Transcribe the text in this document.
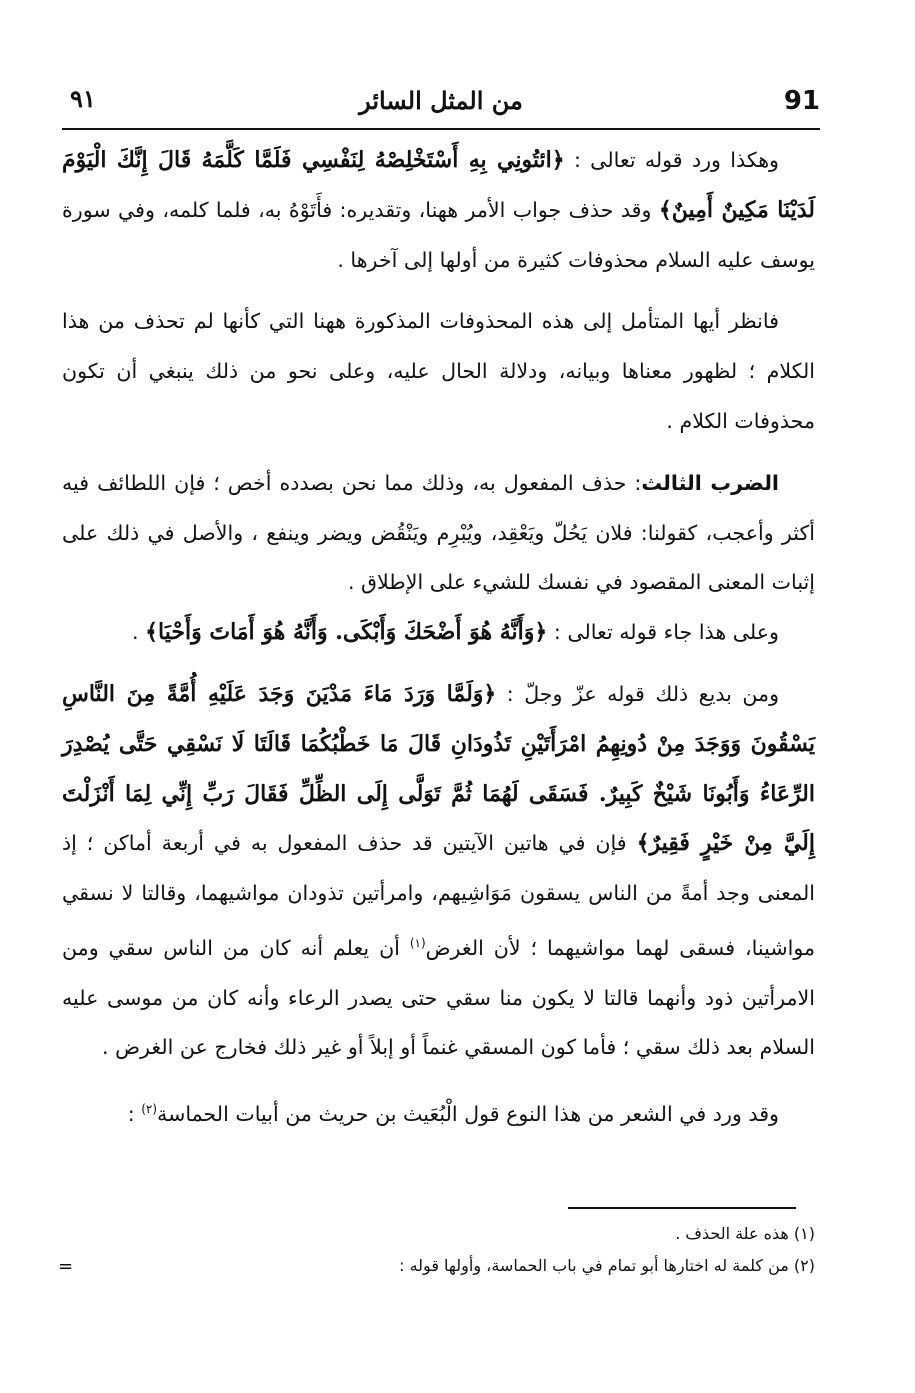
91
من المثل السائر
٩١

وهكذا ورد قوله تعالى : ﴿ائتُونِي بِهِ أَسْتَخْلِصْهُ لِنَفْسِي فَلَمَّا كَلَّمَهُ قَالَ إِنَّكَ الْيَوْمَ لَدَيْنَا مَكِينٌ أَمِينٌ﴾ وقد حذف جواب الأمر ههنا، وتقديره: فأَتَوْهُ به، فلما كلمه، وفي سورة يوسف عليه السلام محذوفات كثيرة من أولها إلى آخرها .

فانظر أيها المتأمل إلى هذه المحذوفات المذكورة ههنا التي كأنها لم تحذف من هذا الكلام ؛ لظهور معناها وبيانه، ودلالة الحال عليه، وعلى نحو من ذلك ينبغي أن تكون محذوفات الكلام .

الضرب الثالث: حذف المفعول به، وذلك مما نحن بصدده أخص ؛ فإن اللطائف فيه أكثر وأعجب، كقولنا: فلان يَحُلّ ويَعْقِد، ويُبْرِم ويَنْقُض ويضر وينفع ، والأصل في ذلك على إثبات المعنى المقصود في نفسك للشيء على الإطلاق .

وعلى هذا جاء قوله تعالى : ﴿وَأَنَّهُ هُوَ أَضْحَكَ وَأَبْكَى. وَأَنَّهُ هُوَ أَمَاتَ وَأَحْيَا﴾ .

ومن بديع ذلك قوله عزّ وجلّ : ﴿وَلَمَّا وَرَدَ مَاءَ مَدْيَنَ وَجَدَ عَلَيْهِ أُمَّةً مِنَ النَّاسِ يَسْقُونَ وَوَجَدَ مِنْ دُونِهِمُ امْرَأَتَيْنِ تَذُودَانِ قَالَ مَا خَطْبُكُمَا قَالَتَا لَا نَسْقِي حَتَّى يُصْدِرَ الرِّعَاءُ وَأَبُونَا شَيْخٌ كَبِيرٌ. فَسَقَى لَهُمَا ثُمَّ تَوَلَّى إِلَى الظِّلِّ فَقَالَ رَبِّ إِنِّي لِمَا أَنْزَلْتَ إِلَيَّ مِنْ خَيْرٍ فَقِيرٌ﴾ فإن في هاتين الآيتين قد حذف المفعول به في أربعة أماكن ؛ إذ المعنى وجد أمةً من الناس يسقون مَوَاشِيهم، وامرأتين تذودان مواشيهما، وقالتا لا نسقي مواشينا، فسقى لهما مواشيهما ؛ لأن الغرض$^{(١)}$ أن يعلم أنه كان من الناس سقي ومن الامرأتين ذود وأنهما قالتا لا يكون منا سقي حتى يصدر الرعاء وأنه كان من موسى عليه السلام بعد ذلك سقي ؛ فأما كون المسقي غنماً أو إبلاً أو غير ذلك فخارج عن الغرض .

وقد ورد في الشعر من هذا النوع قول الْبُعَيث بن حريث من أبيات الحماسة$^{(٢)}$ :

(١) هذه علة الحذف .

(٢) من كلمة له اختارها أبو تمام في باب الحماسة، وأولها قوله :

=
